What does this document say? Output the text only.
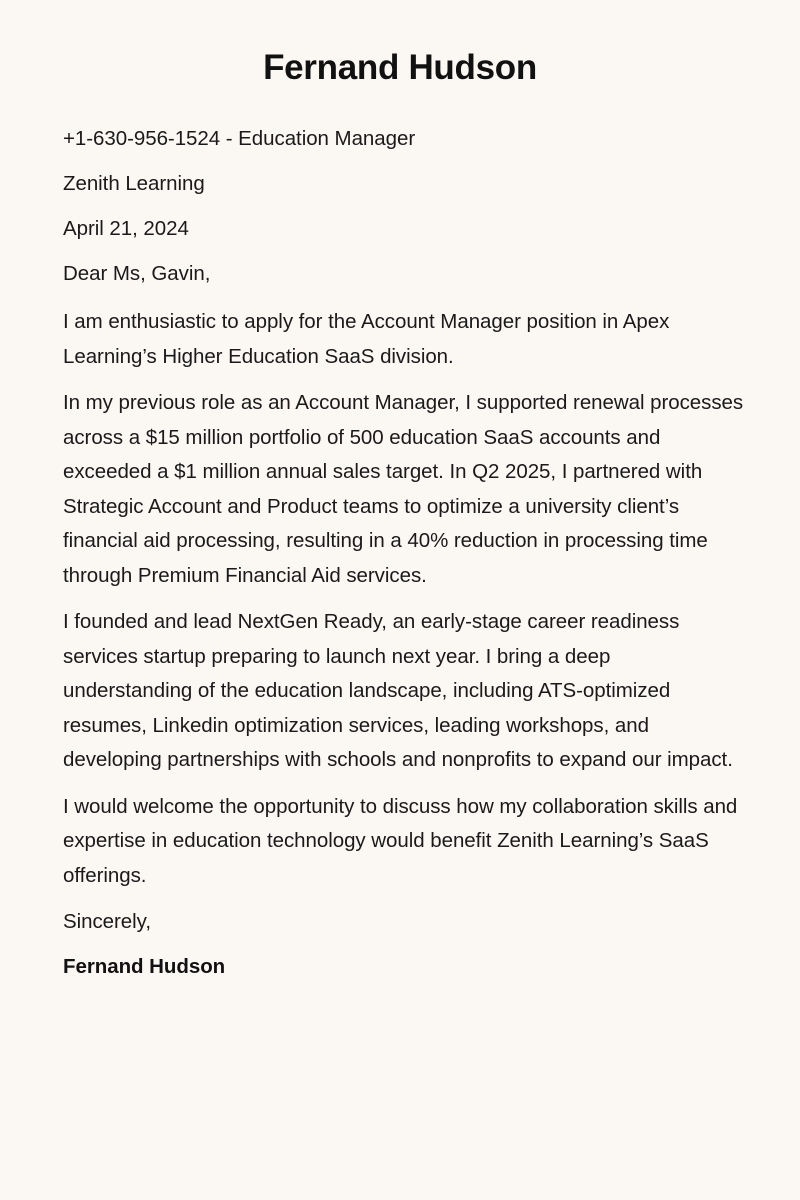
Fernand Hudson

+1-630-956-1524 - Education Manager

Zenith Learning

April 21, 2024

Dear Ms, Gavin,

I am enthusiastic to apply for the Account Manager position in Apex Learning’s Higher Education SaaS division.

In my previous role as an Account Manager, I supported renewal processes across a $15 million portfolio of 500 education SaaS accounts and exceeded a $1 million annual sales target. In Q2 2025, I partnered with Strategic Account and Product teams to optimize a university client’s financial aid processing, resulting in a 40% reduction in processing time through Premium Financial Aid services.

I founded and lead NextGen Ready, an early-stage career readiness services startup preparing to launch next year. I bring a deep understanding of the education landscape, including ATS-optimized resumes, Linkedin optimization services, leading workshops, and developing partnerships with schools and nonprofits to expand our impact.

I would welcome the opportunity to discuss how my collaboration skills and expertise in education technology would benefit Zenith Learning’s SaaS offerings.

Sincerely,

Fernand Hudson
